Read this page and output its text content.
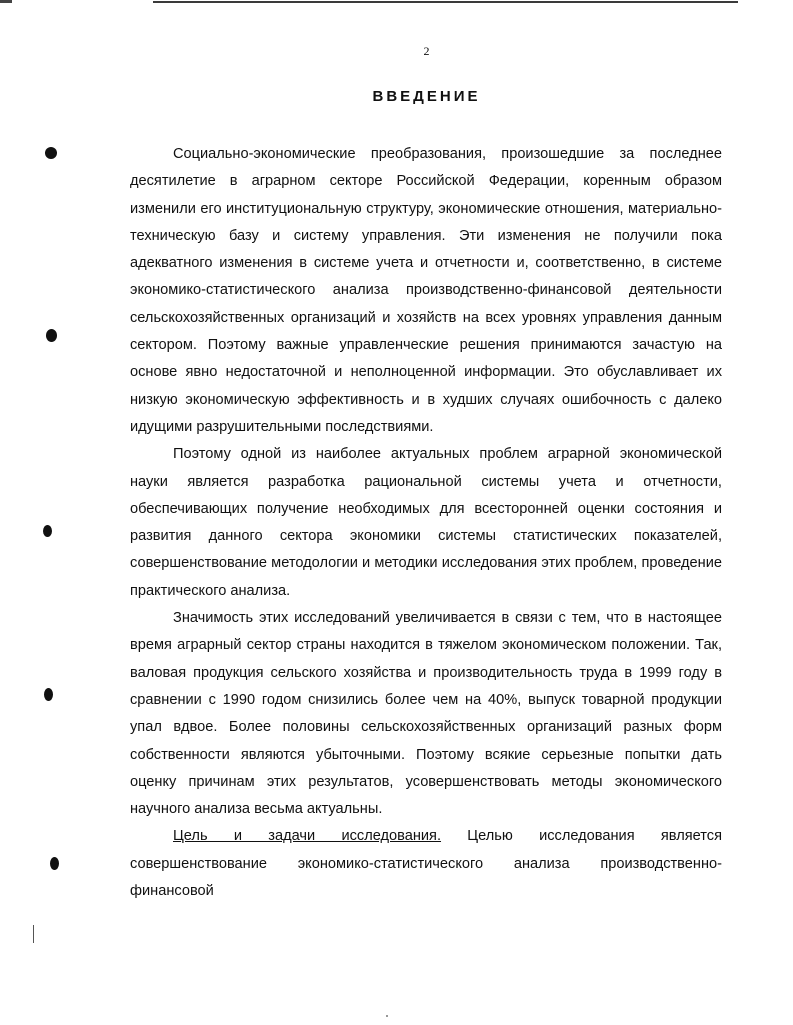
2
ВВЕДЕНИЕ

Социально-экономические преобразования, произошедшие за последнее десятилетие в аграрном секторе Российской Федерации, коренным образом изменили его институциональную структуру, экономические отношения, материально-техническую базу и систему управления. Эти изменения не получили пока адекватного изменения в системе учета и отчетности и, соответственно, в системе экономико-статистического анализа производственно-финансовой деятельности сельскохозяйственных организаций и хозяйств на всех уровнях управления данным сектором. Поэтому важные управленческие решения принимаются зачастую на основе явно недостаточной и неполноценной информации. Это обуславливает их низкую экономическую эффективность и в худших случаях ошибочность с далеко идущими разрушительными последствиями.

Поэтому одной из наиболее актуальных проблем аграрной экономической науки является разработка рациональной системы учета и отчетности, обеспечивающих получение необходимых для всесторонней оценки состояния и развития данного сектора экономики системы статистических показателей, совершенствование методологии и методики исследования этих проблем, проведение практического анализа.

Значимость этих исследований увеличивается в связи с тем, что в настоящее время аграрный сектор страны находится в тяжелом экономическом положении. Так, валовая продукция сельского хозяйства и производительность труда в 1999 году в сравнении с 1990 годом снизились более чем на 40%, выпуск товарной продукции упал вдвое. Более половины сельскохозяйственных организаций разных форм собственности являются убыточными. Поэтому всякие серьезные попытки дать оценку причинам этих результатов, усовершенствовать методы экономического научного анализа весьма актуальны.

Цель и задачи исследования. Целью исследования является совершенствование экономико-статистического анализа производственно-финансовой
